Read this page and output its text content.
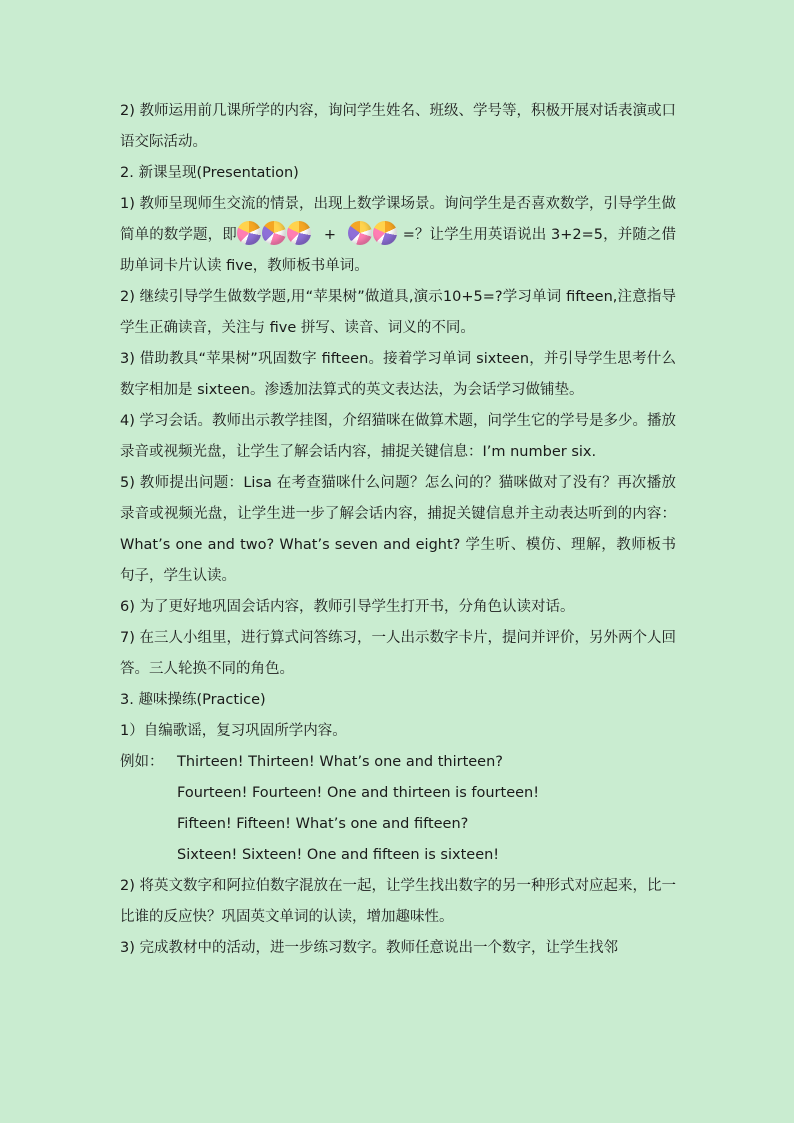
2) 教师运用前几课所学的内容，询问学生姓名、班级、学号等，积极开展对话表演或口语交际活动。

2. 新课呈现(Presentation)

1) 教师呈现师生交流的情景，出现上数学课场景。询问学生是否喜欢数学，引导学生做简单的数学题，即	+	=？让学生用英语说出 3+2=5，并随之借助单词卡片认读 five，教师板书单词。

2) 继续引导学生做数学题,用“苹果树”做道具,演示10+5=?学习单词 fifteen,注意指导学生正确读音，关注与 five 拼写、读音、词义的不同。

3) 借助教具“苹果树”巩固数字 fifteen。接着学习单词 sixteen，并引导学生思考什么数字相加是 sixteen。渗透加法算式的英文表达法，为会话学习做铺垫。

4) 学习会话。教师出示教学挂图，介绍猫咪在做算术题，问学生它的学号是多少。播放录音或视频光盘，让学生了解会话内容，捕捉关键信息：I’m number six.

5) 教师提出问题：Lisa 在考查猫咪什么问题？怎么问的？猫咪做对了没有？再次播放录音或视频光盘，让学生进一步了解会话内容，捕捉关键信息并主动表达听到的内容：What’s one and two? What’s seven and eight? 学生听、模仿、理解，教师板书句子，学生认读。

6) 为了更好地巩固会话内容，教师引导学生打开书，分角色认读对话。

7) 在三人小组里，进行算式问答练习，一人出示数字卡片，提问并评价，另外两个人回答。三人轮换不同的角色。

3. 趣味操练(Practice)

1）自编歌谣，复习巩固所学内容。

例如： Thirteen! Thirteen! What’s one and thirteen?

Fourteen! Fourteen! One and thirteen is fourteen!

Fifteen! Fifteen! What’s one and fifteen?

Sixteen! Sixteen! One and fifteen is sixteen!

2) 将英文数字和阿拉伯数字混放在一起，让学生找出数字的另一种形式对应起来，比一比谁的反应快？巩固英文单词的认读，增加趣味性。

3) 完成教材中的活动，进一步练习数字。教师任意说出一个数字，让学生找邻
